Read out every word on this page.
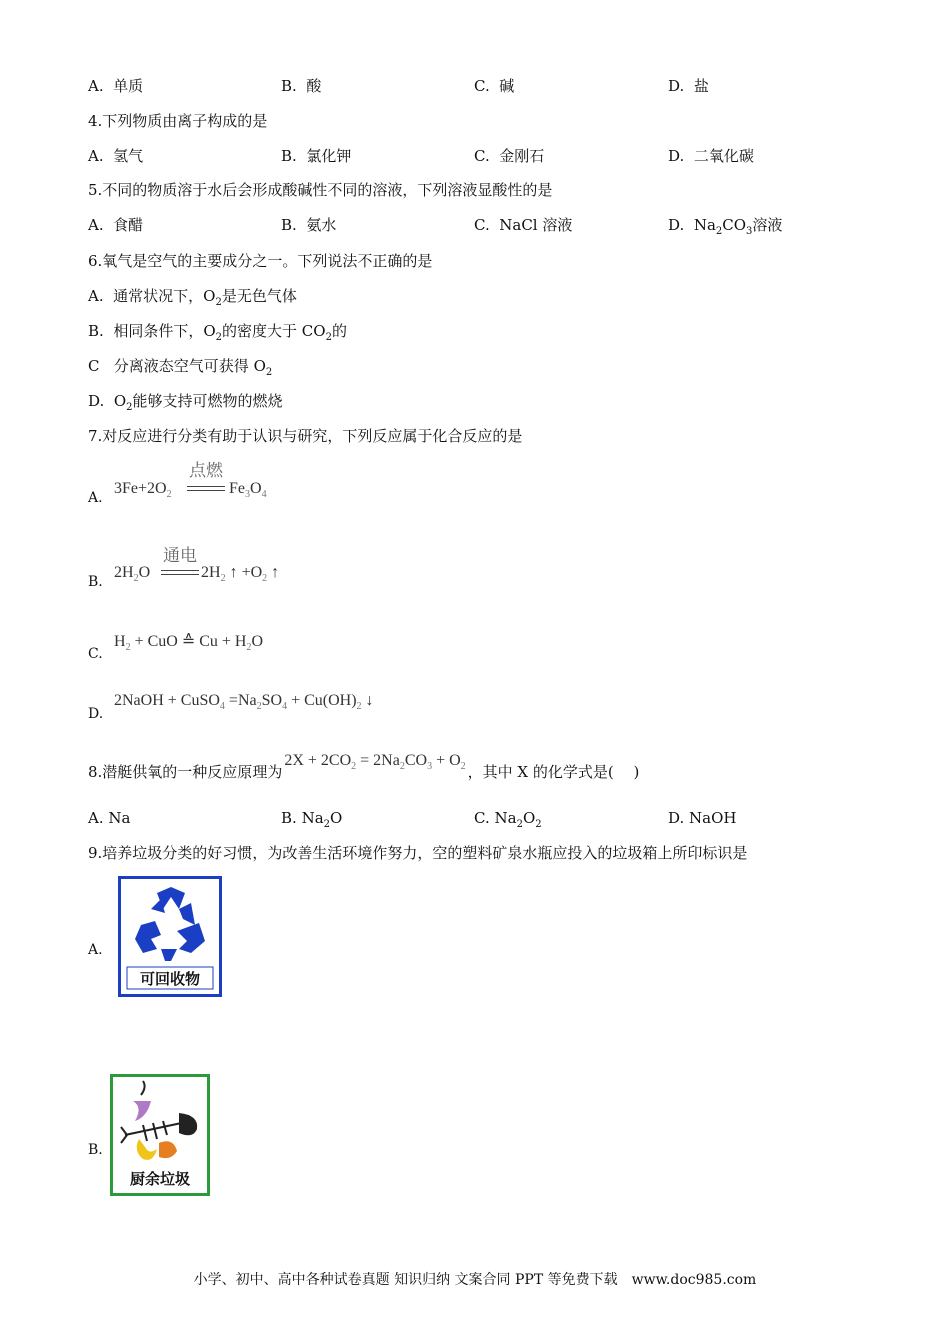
A. 单质	B. 酸	C. 碱	D. 盐
4.下列物质由离子构成的是
A. 氢气	B. 氯化钾	C. 金刚石	D. 二氧化碳
5.不同的物质溶于水后会形成酸碱性不同的溶液，下列溶液显酸性的是
A. 食醋	B. 氨水	C. NaCl 溶液	D. $Na_2CO_3$溶液
6.氧气是空气的主要成分之一。下列说法不正确的是
A. 通常状况下，$O_2$是无色气体
B. 相同条件下，$O_2$的密度大于 $CO_2$的
C 分离液态空气可获得 $O_2$
D. $O_2$能够支持可燃物的燃烧
7.对反应进行分类有助于认识与研究，下列反应属于化合反应的是
A.
$3Fe+2O_2$
点燃
$Fe_3O_4$
B.
$2H_2O$
通电
$2H_2$ ↑ $+O_2$ ↑
C.
$H_2$ + CuO ≙ $Cu + H_2O$
D.
2NaOH + CuSO$_4$ $=Na_2SO_4 + Cu(OH)_2$ ↓
8.潜艇供氧的一种反应原理为$2X + 2CO_2 = 2Na_2CO_3 + O_2$ ，其中 X 的化学式是(　 )
A. Na	B. $Na_2O$	C. $Na_2O_2$	D. NaOH
9.培养垃圾分类的好习惯，为改善生活环境作努力，空的塑料矿泉水瓶应投入的垃圾箱上所印标识是
A.
可回收物
B.
厨余垃圾
小学、初中、高中各种试卷真题 知识归纳 文案合同 PPT 等免费下载　www.doc985.com
